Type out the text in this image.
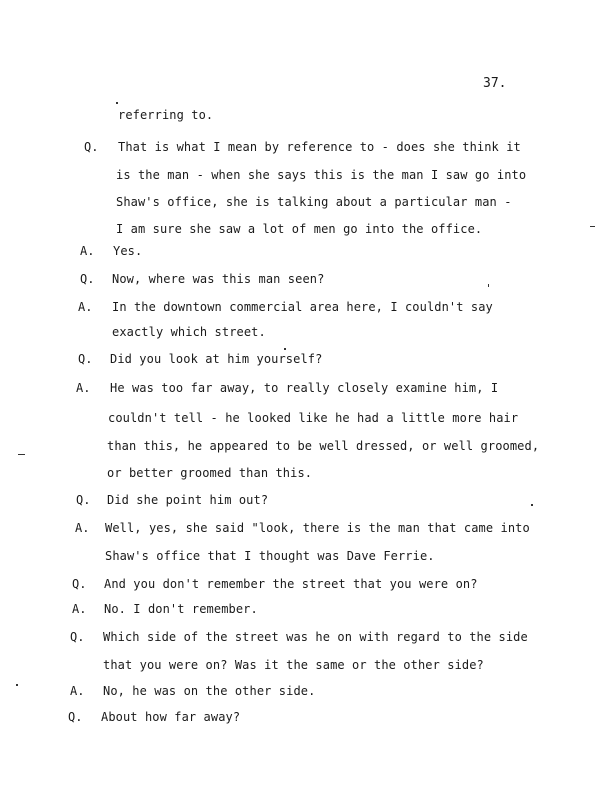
37.
referring to.
Q. That is what I mean by reference to - does she think it
is the man - when she says this is the man I saw go into
Shaw's office, she is talking about a particular man -
I am sure she saw a lot of men go into the office.
A. Yes.
Q. Now, where was this man seen?
A. In the downtown commercial area here, I couldn't say
exactly which street.
Q. Did you look at him yourself?
A. He was too far away, to really closely examine him, I
couldn't tell - he looked like he had a little more hair
than this, he appeared to be well dressed, or well groomed,
or better groomed than this.
Q. Did she point him out?
A. Well, yes, she said "look, there is the man that came into
Shaw's office that I thought was Dave Ferrie.
Q. And you don't remember the street that you were on?
A. No. I don't remember.
Q. Which side of the street was he on with regard to the side
that you were on? Was it the same or the other side?
A. No, he was on the other side.
Q. About how far away?
